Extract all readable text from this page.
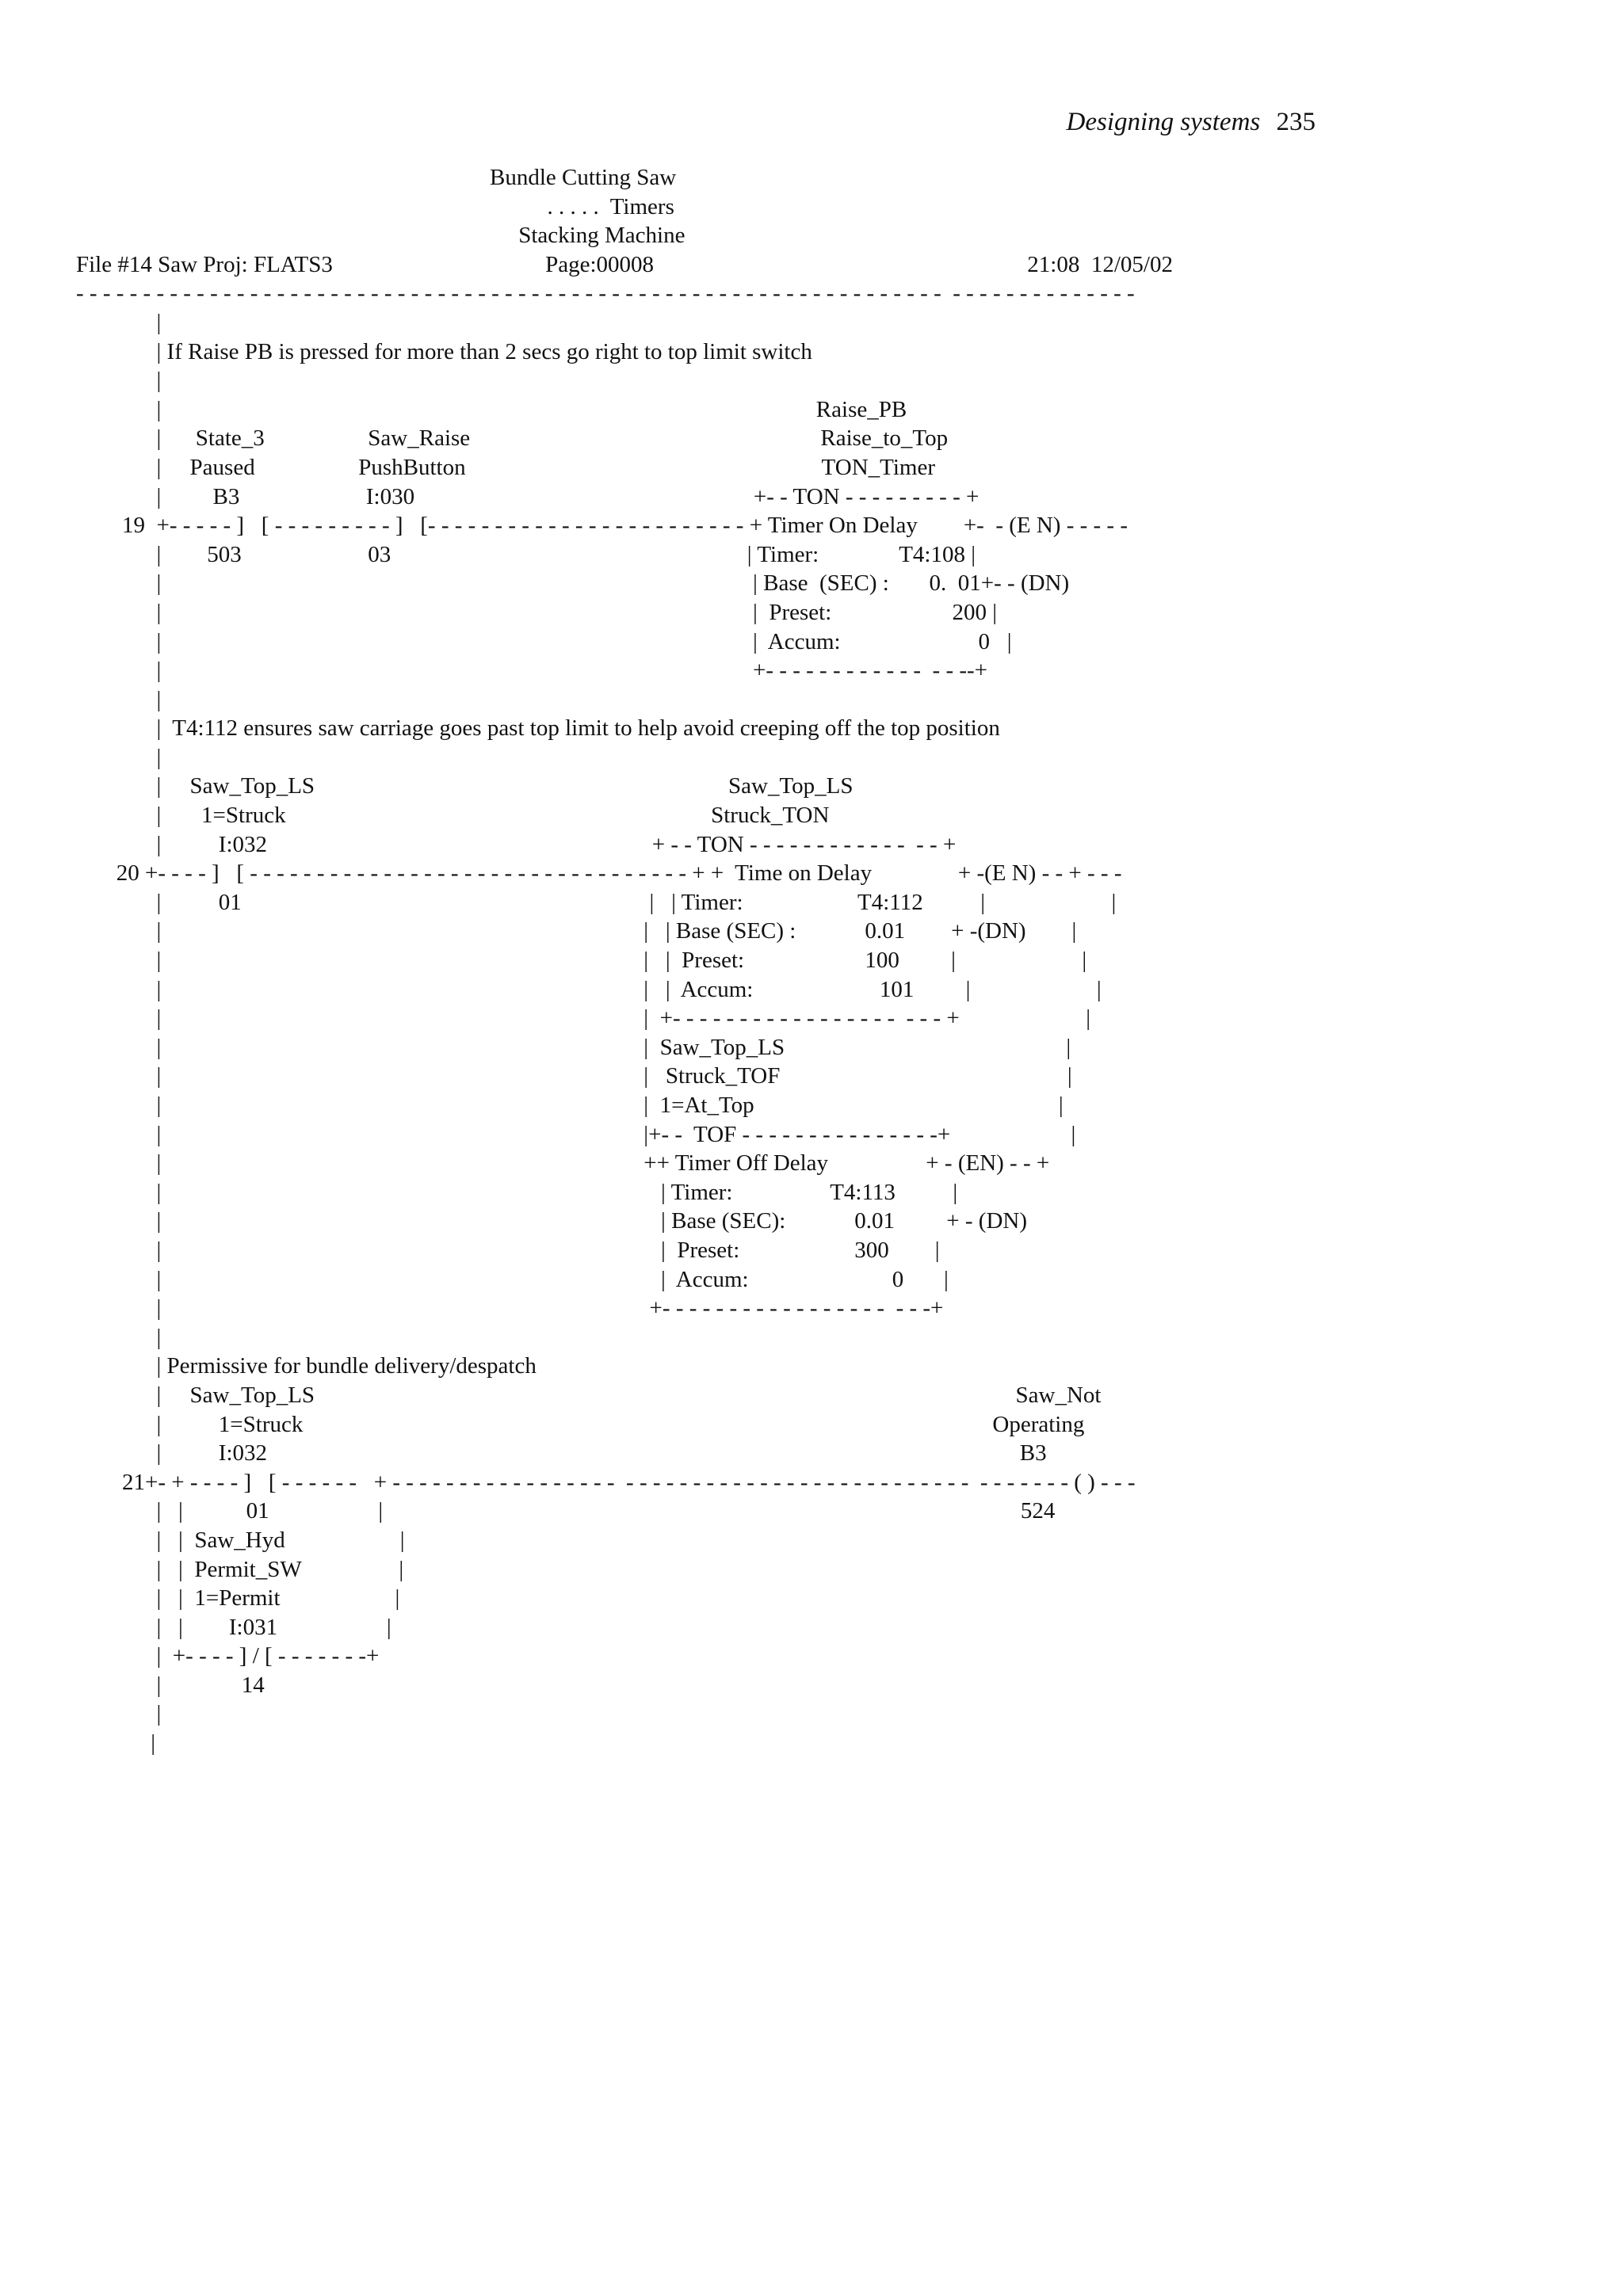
Designing systems 235
Bundle Cutting Saw
. . . . .  Timers
Stacking Machine
File #14 Saw Proj: FLATS3                                     Page:00008                                                                 21:08  12/05/02
- - - - - - - - - - - - - - - - - - - - - - - - - - - - - - - - - - - - - - - - - - - - - - - - - - - - - - - - - - - - - - - - -  - - - - - - - - - - - - - -
|
| If Raise PB is pressed for more than 2 secs go right to top limit switch
|
|                                                                                                                  Raise_PB
|      State_3                  Saw_Raise                                                             Raise_to_Top
|     Paused                  PushButton                                                              TON_Timer
|         B3                      I:030                                                           +- - TON - - - - - - - - - +
19  +- - - - - ]   [ - - - - - - - - - ]   [- - - - - - - - - - - - - - - - - - - - - - - - + Timer On Delay        +-  - (E N) - - - - -
|        503                      03                                                              | Timer:              T4:108 |
|                                                                                                       | Base  (SEC) :       0.  01+- - (DN)
|                                                                                                       |  Preset:                     200 |
|                                                                                                       |  Accum:                        0   |
|                                                                                                       +- - - - - - - - - - - -  - - --+
|
|  T4:112 ensures saw carriage goes past top limit to help avoid creeping off the top position
|
|     Saw_Top_LS                                                                        Saw_Top_LS
|       1=Struck                                                                          Struck_TON
|          I:032                                                                   + - - TON - - - - - - - - - - - -  - - +
20 +- - - - ]   [ - - - - - - - - - - - - - - - - - - - - - - - - - - - - - - - - - + +  Time on Delay               + -(E N) - - + - - -
|          01                                                                       |   | Timer:                    T4:112          |                      |
|                                                                                    |   | Base (SEC) :            0.01        + -(DN)        |
|                                                                                    |   |  Preset:                     100         |                      |
|                                                                                    |   |  Accum:                      101         |                      |
|                                                                                    |  +- - - - - - - - - - - - - - - - -  - - - +                      |
|                                                                                    |  Saw_Top_LS                                                 |
|                                                                                    |   Struck_TOF                                                  |
|                                                                                    |  1=At_Top                                                     |
|                                                                                    |+- -  TOF - - - - - - - - - - - - - - -+                     |
|                                                                                    ++ Timer Off Delay                 + - (EN) - - +
|                                                                                       | Timer:                 T4:113          |
|                                                                                       | Base (SEC):            0.01         + - (DN)
|                                                                                       |  Preset:                    300        |
|                                                                                       |  Accum:                         0       |
|                                                                                     +- - - - - - - - - - - - - - - - -  - - -+
|
| Permissive for bundle delivery/despatch
|     Saw_Top_LS                                                                                                                          Saw_Not
|          1=Struck                                                                                                                        Operating
|          I:032                                                                                                                                   B3
21+- + - - - - ]   [ - - - - - -   + - - - - - - - - - - - - - - - - -  - - - - - - - - - - - - - - - - - - - - - - - - - -  - - - - - - - ( ) - - -
|   |           01                   |                                                                                                               524
|   |  Saw_Hyd                    |
|   |  Permit_SW                 |
|   |  1=Permit                    |
|   |        I:031                   |
|  +- - - - ] / [ - - - - - - -+
|              14
|
|
